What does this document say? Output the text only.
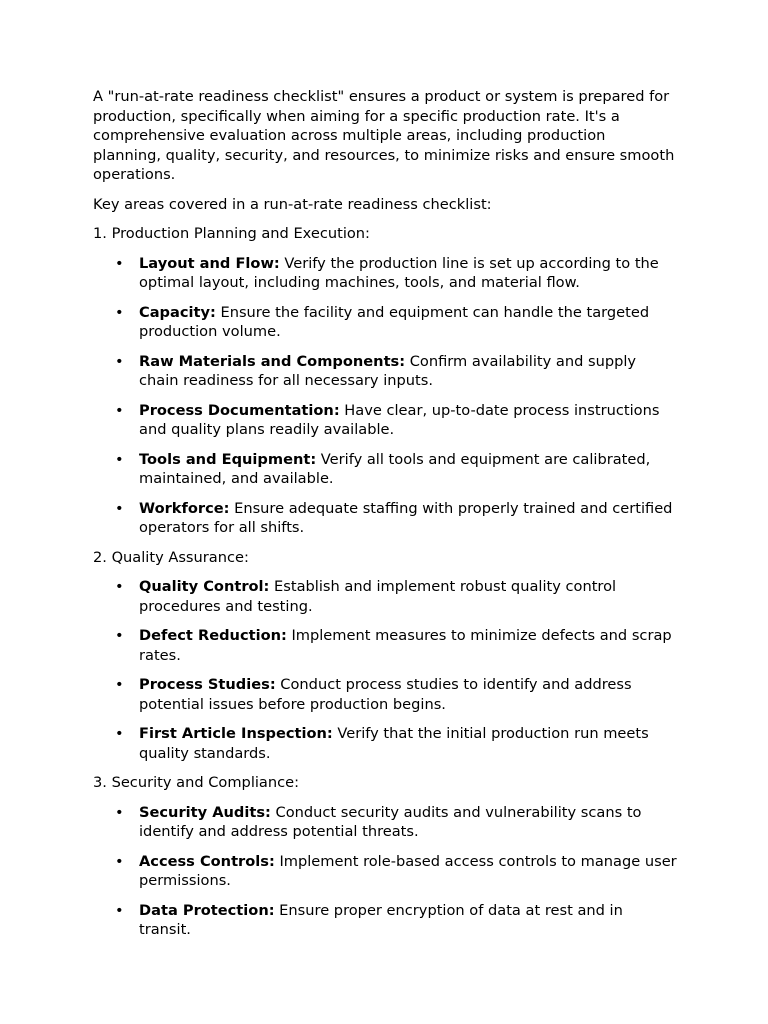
A "run-at-rate readiness checklist" ensures a product or system is prepared for production, specifically when aiming for a specific production rate. It's a comprehensive evaluation across multiple areas, including production planning, quality, security, and resources, to minimize risks and ensure smooth operations.

Key areas covered in a run-at-rate readiness checklist:

1. Production Planning and Execution:

• Layout and Flow: Verify the production line is set up according to the optimal layout, including machines, tools, and material flow.
• Capacity: Ensure the facility and equipment can handle the targeted production volume.
• Raw Materials and Components: Confirm availability and supply chain readiness for all necessary inputs.
• Process Documentation: Have clear, up-to-date process instructions and quality plans readily available.
• Tools and Equipment: Verify all tools and equipment are calibrated, maintained, and available.
• Workforce: Ensure adequate staffing with properly trained and certified operators for all shifts.

2. Quality Assurance:

• Quality Control: Establish and implement robust quality control procedures and testing.
• Defect Reduction: Implement measures to minimize defects and scrap rates.
• Process Studies: Conduct process studies to identify and address potential issues before production begins.
• First Article Inspection: Verify that the initial production run meets quality standards.

3. Security and Compliance:

• Security Audits: Conduct security audits and vulnerability scans to identify and address potential threats.
• Access Controls: Implement role-based access controls to manage user permissions.
• Data Protection: Ensure proper encryption of data at rest and in transit.
